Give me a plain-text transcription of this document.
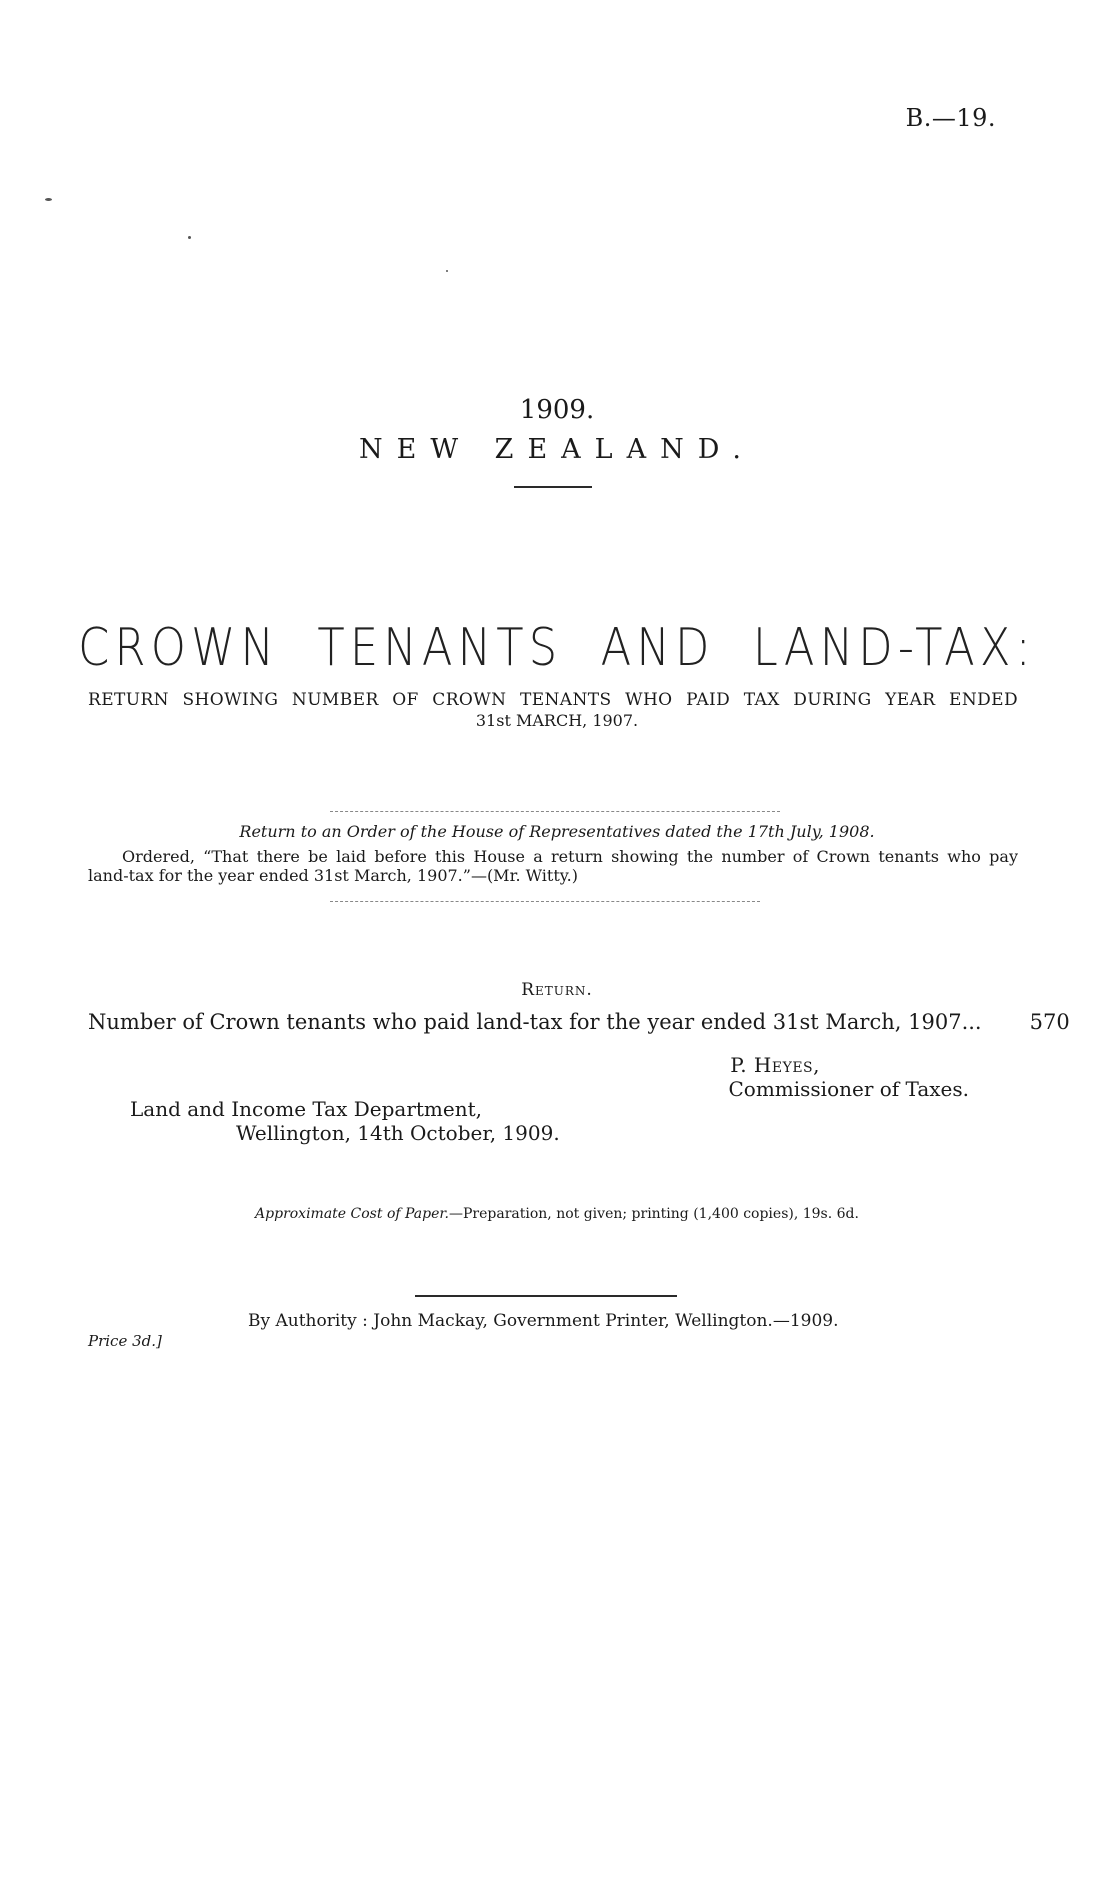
B.—19.
1909.
NEW ZEALAND.
CROWN TENANTS AND LAND-TAX:
RETURN SHOWING NUMBER OF CROWN TENANTS WHO PAID TAX DURING YEAR ENDED
31st MARCH, 1907.
Return to an Order of the House of Representatives dated the 17th July, 1908.
Ordered, “That there be laid before this House a return showing the number of Crown tenants who pay
land-tax for the year ended 31st March, 1907.”—(Mr. Witty.)
Return.
Number of Crown tenants who paid land-tax for the year ended 31st March, 1907 ...	570
P. Heyes,
Commissioner of Taxes.
Land and Income Tax Department,
Wellington, 14th October, 1909.
Approximate Cost of Paper.—Preparation, not given; printing (1,400 copies), 19s. 6d.
By Authority : John Mackay, Government Printer, Wellington.—1909.
Price 3d.]
